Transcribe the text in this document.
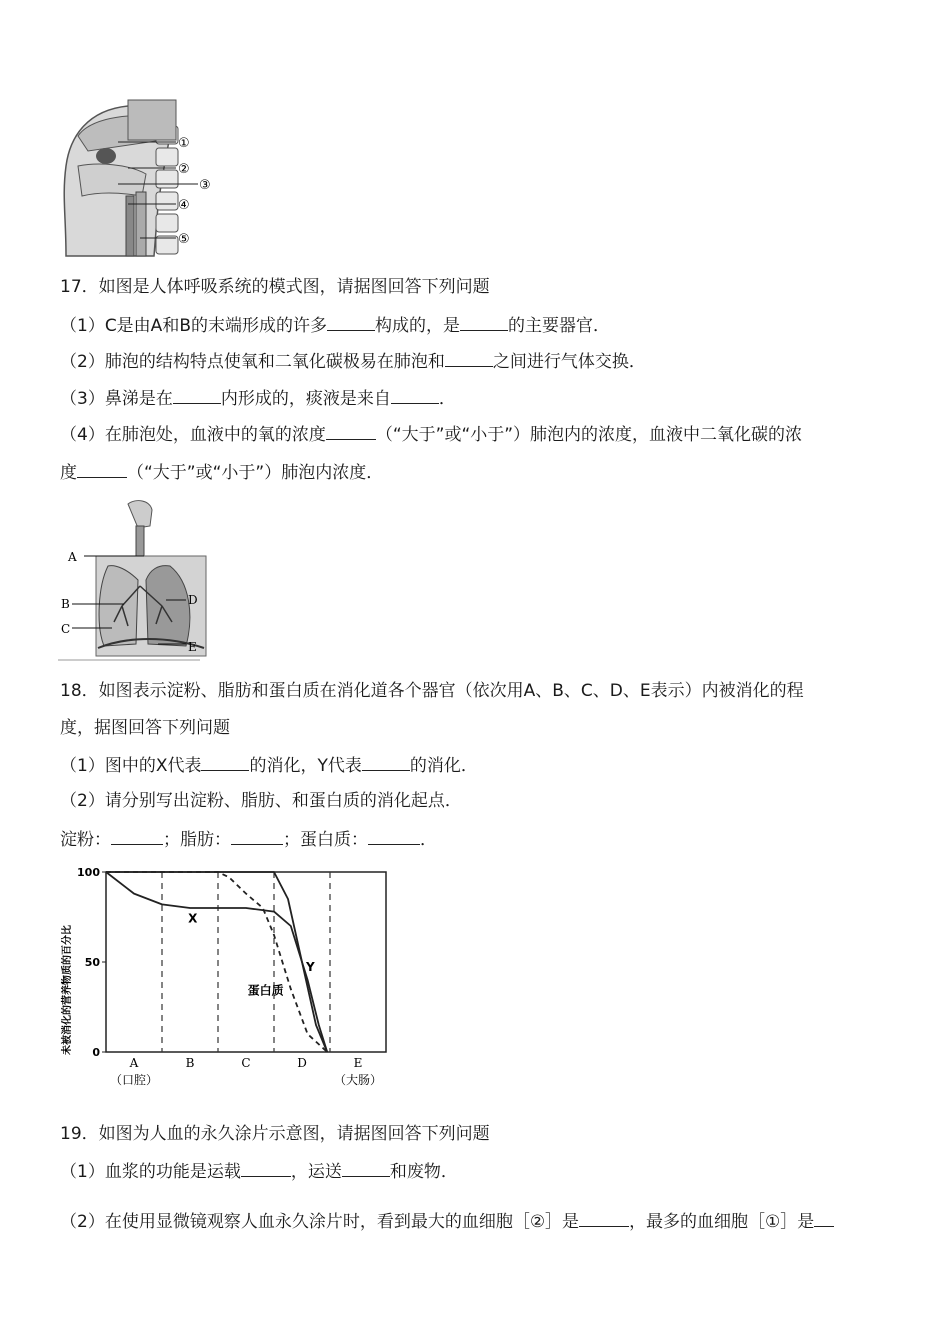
①
②
③
④
⑤
17．如图是人体呼吸系统的模式图，请据图回答下列问题
（1）C是由A和B的末端形成的许多	构成的，是	的主要器官．
（2）肺泡的结构特点使氧和二氧化碳极易在肺泡和	之间进行气体交换．
（3）鼻涕是在	内形成的，痰液是来自	．
（4）在肺泡处，血液中的氧的浓度	（“大于”或“小于”）肺泡内的浓度，血液中二氧化碳的浓
度	（“大于”或“小于”）肺泡内浓度．
A
B
C
D
E
18．如图表示淀粉、脂肪和蛋白质在消化道各个器官（依次用A、B、C、D、E表示）内被消化的程
度，据图回答下列问题
（1）图中的X代表	的消化，Y代表	的消化．
（2）请分别写出淀粉、脂肪、和蛋白质的消化起点．
淀粉：	；脂肪：	；蛋白质：	．
未被消化的营养物质的百分比
100
50
0
A
（口腔）
B	C	D	E
（大肠）
X
蛋白质
Y
19．如图为人血的永久涂片示意图，请据图回答下列问题
（1）血浆的功能是运载	，运送	和废物．
（2）在使用显微镜观察人血永久涂片时，看到最大的血细胞［②］是	，最多的血细胞［①］是
